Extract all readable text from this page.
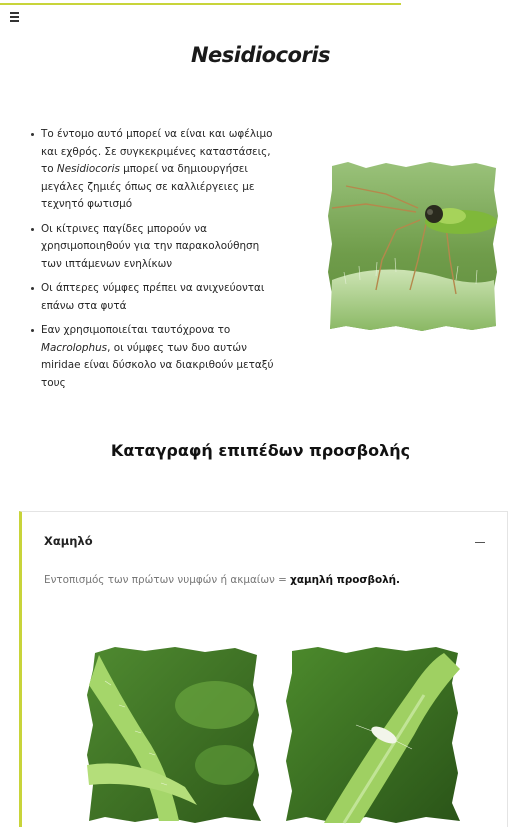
Nesidiocoris
Το έντομο αυτό μπορεί να είναι και ωφέλιμο και εχθρός. Σε συγκεκριμένες καταστάσεις, το Nesidiocoris μπορεί να δημιουργήσει μεγάλες ζημιές όπως σε καλλιέργειες με τεχνητό φωτισμό
Οι κίτρινες παγίδες μπορούν να χρησιμοποιηθούν για την παρακολούθηση των ιπτάμενων ενηλίκων
Οι άπτερες νύμφες πρέπει να ανιχνεύονται επάνω στα φυτά
Εαν χρησιμοποιείται ταυτόχρονα το Macrolophus, οι νύμφες των δυο αυτών miridae είναι δύσκολο να διακριθούν μεταξύ τους
Καταγραφή επιπέδων προσβολής
Χαμηλό
Εντοπισμός των πρώτων νυμφών ή ακμαίων = χαμηλή προσβολή.
